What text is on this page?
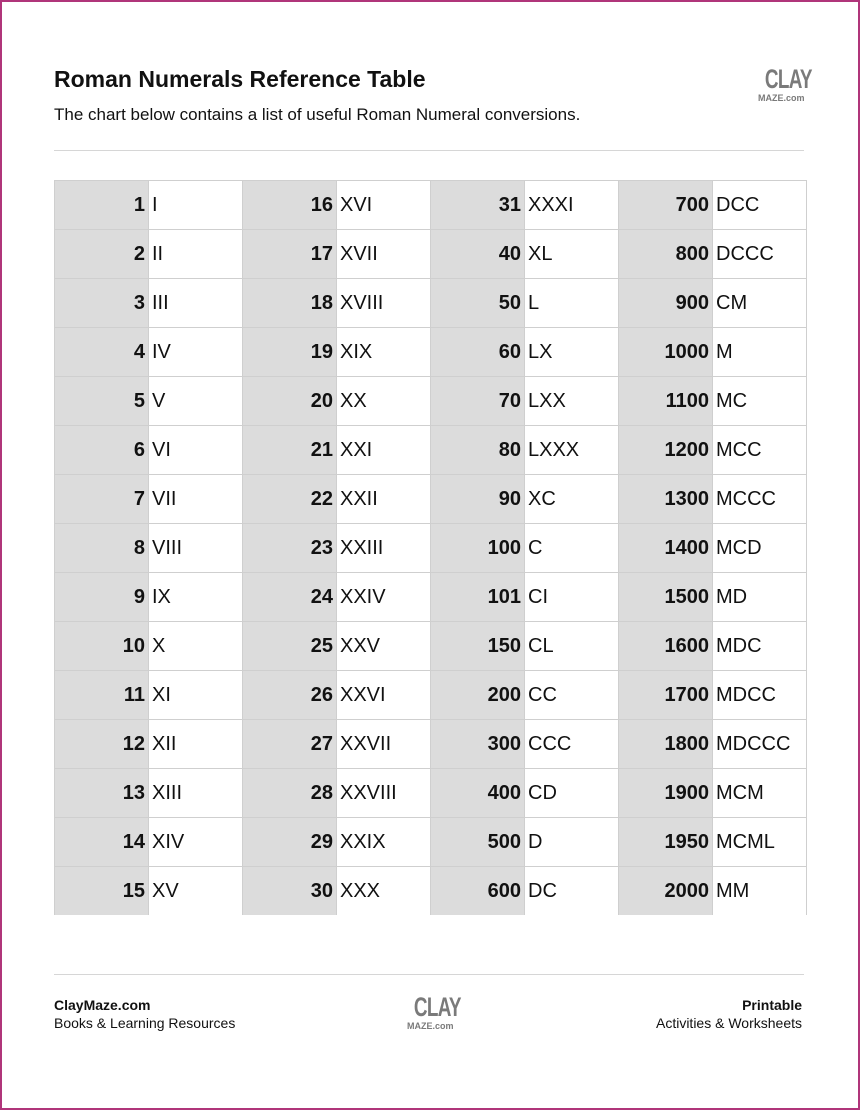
Roman Numerals Reference Table

The chart below contains a list of useful Roman Numeral conversions.

CLAY
MAZE.com
1 I	16 XVI	31 XXXI	700 DCC
2 II	17 XVII	40 XL	800 DCCC
3 III	18 XVIII	50 L	900 CM
4 IV	19 XIX	60 LX	1000 M
5 V	20 XX	70 LXX	1100 MC
6 VI	21 XXI	80 LXXX	1200 MCC
7 VII	22 XXII	90 XC	1300 MCCC
8 VIII	23 XXIII	100 C	1400 MCD
9 IX	24 XXIV	101 CI	1500 MD
10 X	25 XXV	150 CL	1600 MDC
11 XI	26 XXVI	200 CC	1700 MDCC
12 XII	27 XXVII	300 CCC	1800 MDCCC
13 XIII	28 XXVIII	400 CD	1900 MCM
14 XIV	29 XXIX	500 D	1950 MCML
15 XV	30 XXX	600 DC	2000 MM
ClayMaze.com
Books & Learning Resources
CLAY
MAZE.com
Printable
Activities & Worksheets
